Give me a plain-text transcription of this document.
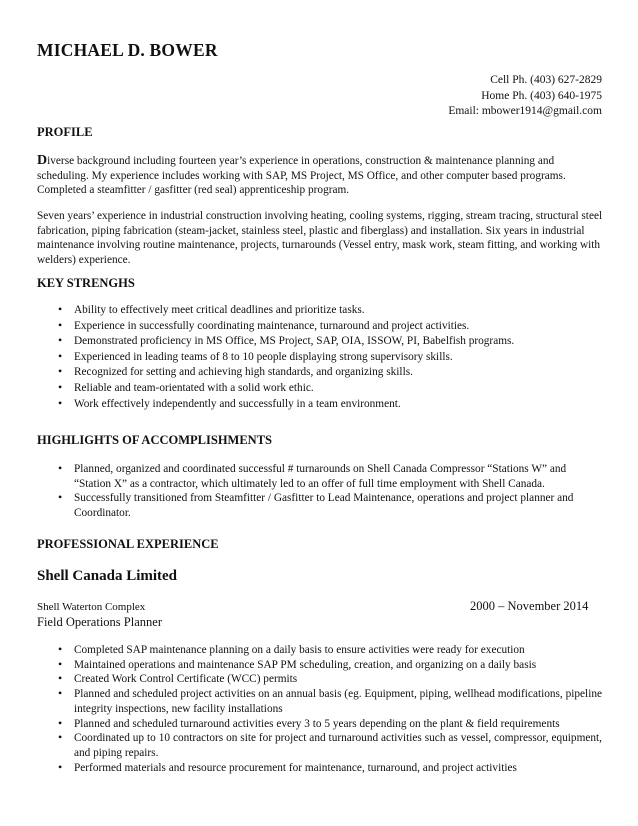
MICHAEL D. BOWER
Cell Ph. (403) 627-2829
Home Ph. (403) 640-1975
Email: mbower1914@gmail.com
PROFILE
Diverse background including fourteen year’s experience in operations, construction & maintenance planning and scheduling. My experience includes working with SAP, MS Project, MS Office, and other computer based programs. Completed a steamfitter / gasfitter (red seal) apprenticeship program.
Seven years’ experience in industrial construction involving heating, cooling systems, rigging, stream tracing, structural steel fabrication, piping fabrication (steam-jacket, stainless steel, plastic and fiberglass) and installation. Six years in industrial maintenance involving routine maintenance, projects, turnarounds (Vessel entry, mask work, steam fitting, and working with welders) experience.
KEY STRENGHS
• Ability to effectively meet critical deadlines and prioritize tasks.
• Experience in successfully coordinating maintenance, turnaround and project activities.
• Demonstrated proficiency in MS Office, MS Project, SAP, OIA, ISSOW, PI, Babelfish programs.
• Experienced in leading teams of 8 to 10 people displaying strong supervisory skills.
• Recognized for setting and achieving high standards, and organizing skills.
• Reliable and team-orientated with a solid work ethic.
• Work effectively independently and successfully in a team environment.
HIGHLIGHTS OF ACCOMPLISHMENTS
• Planned, organized and coordinated successful # turnarounds on Shell Canada Compressor “Stations W” and “Station X” as a contractor, which ultimately led to an offer of full time employment with Shell Canada.
• Successfully transitioned from Steamfitter / Gasfitter to Lead Maintenance, operations and project planner and Coordinator.
PROFESSIONAL EXPERIENCE
Shell Canada Limited
Shell Waterton Complex	2000 – November 2014
Field Operations Planner
• Completed SAP maintenance planning on a daily basis to ensure activities were ready for execution
• Maintained operations and maintenance SAP PM scheduling, creation, and organizing on a daily basis
• Created Work Control Certificate (WCC) permits
• Planned and scheduled project activities on an annual basis (eg. Equipment, piping, wellhead modifications, pipeline integrity inspections, new facility installations
• Planned and scheduled turnaround activities every 3 to 5 years depending on the plant & field requirements
• Coordinated up to 10 contractors on site for project and turnaround activities such as vessel, compressor, equipment, and piping repairs.
• Performed materials and resource procurement for maintenance, turnaround, and project activities
